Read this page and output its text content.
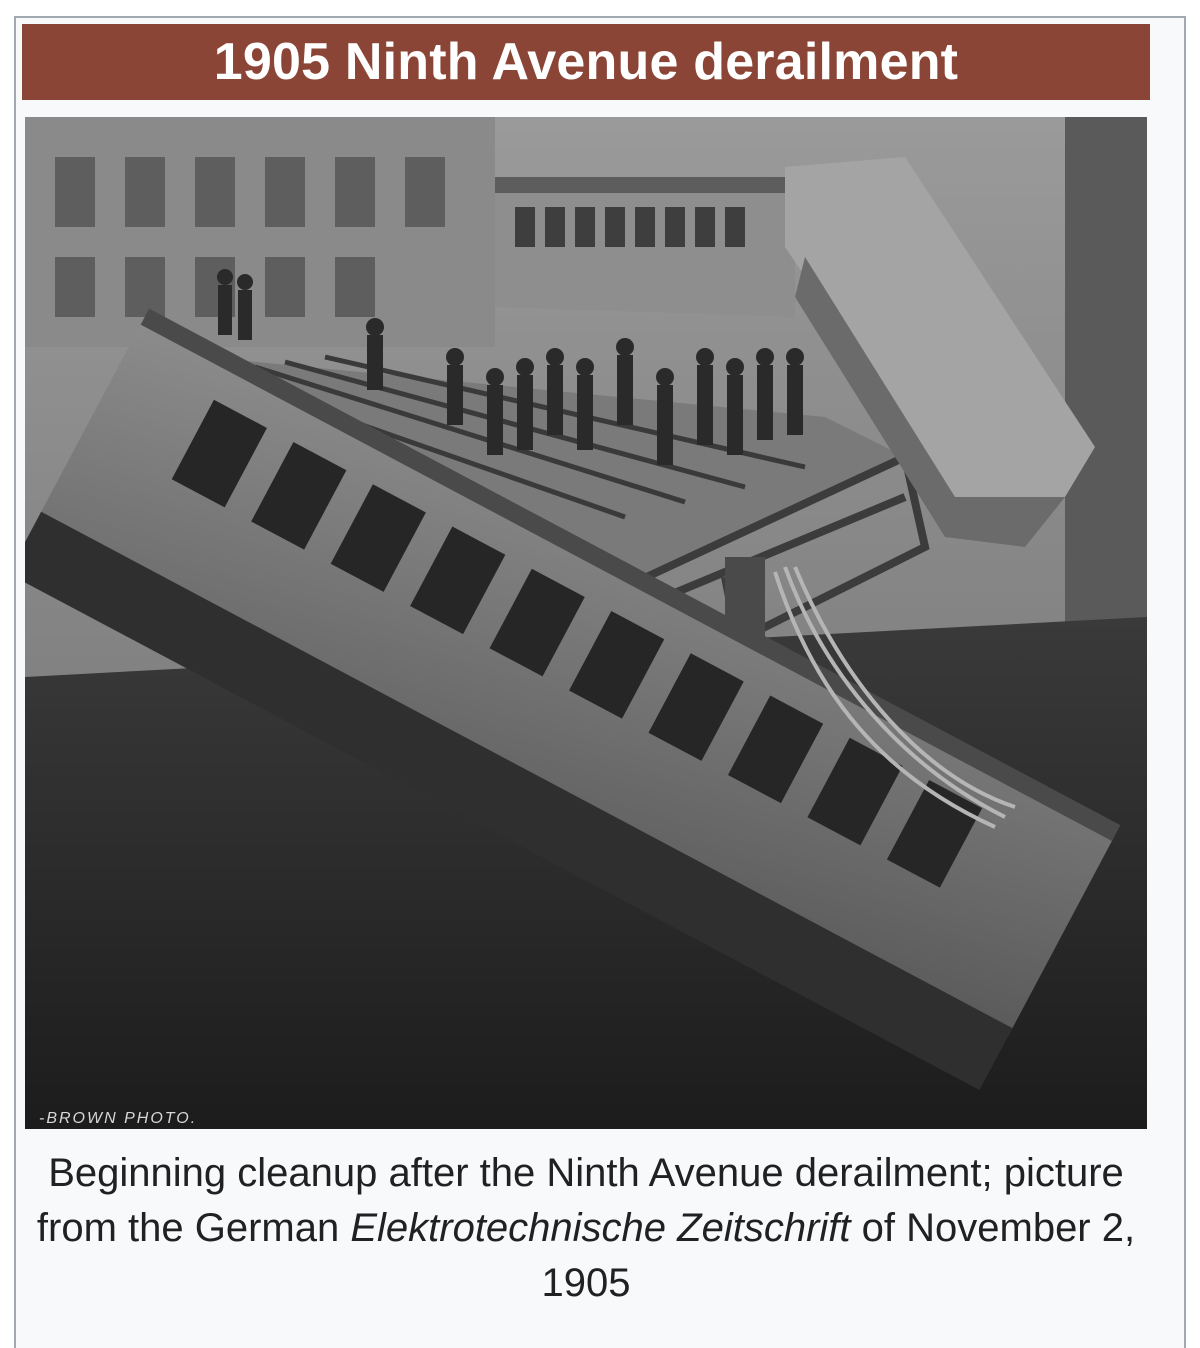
1905 Ninth Avenue derailment
-BROWN PHOTO.
Beginning cleanup after the Ninth Avenue derailment; picture from the German Elektrotechnische Zeitschrift of November 2, 1905
